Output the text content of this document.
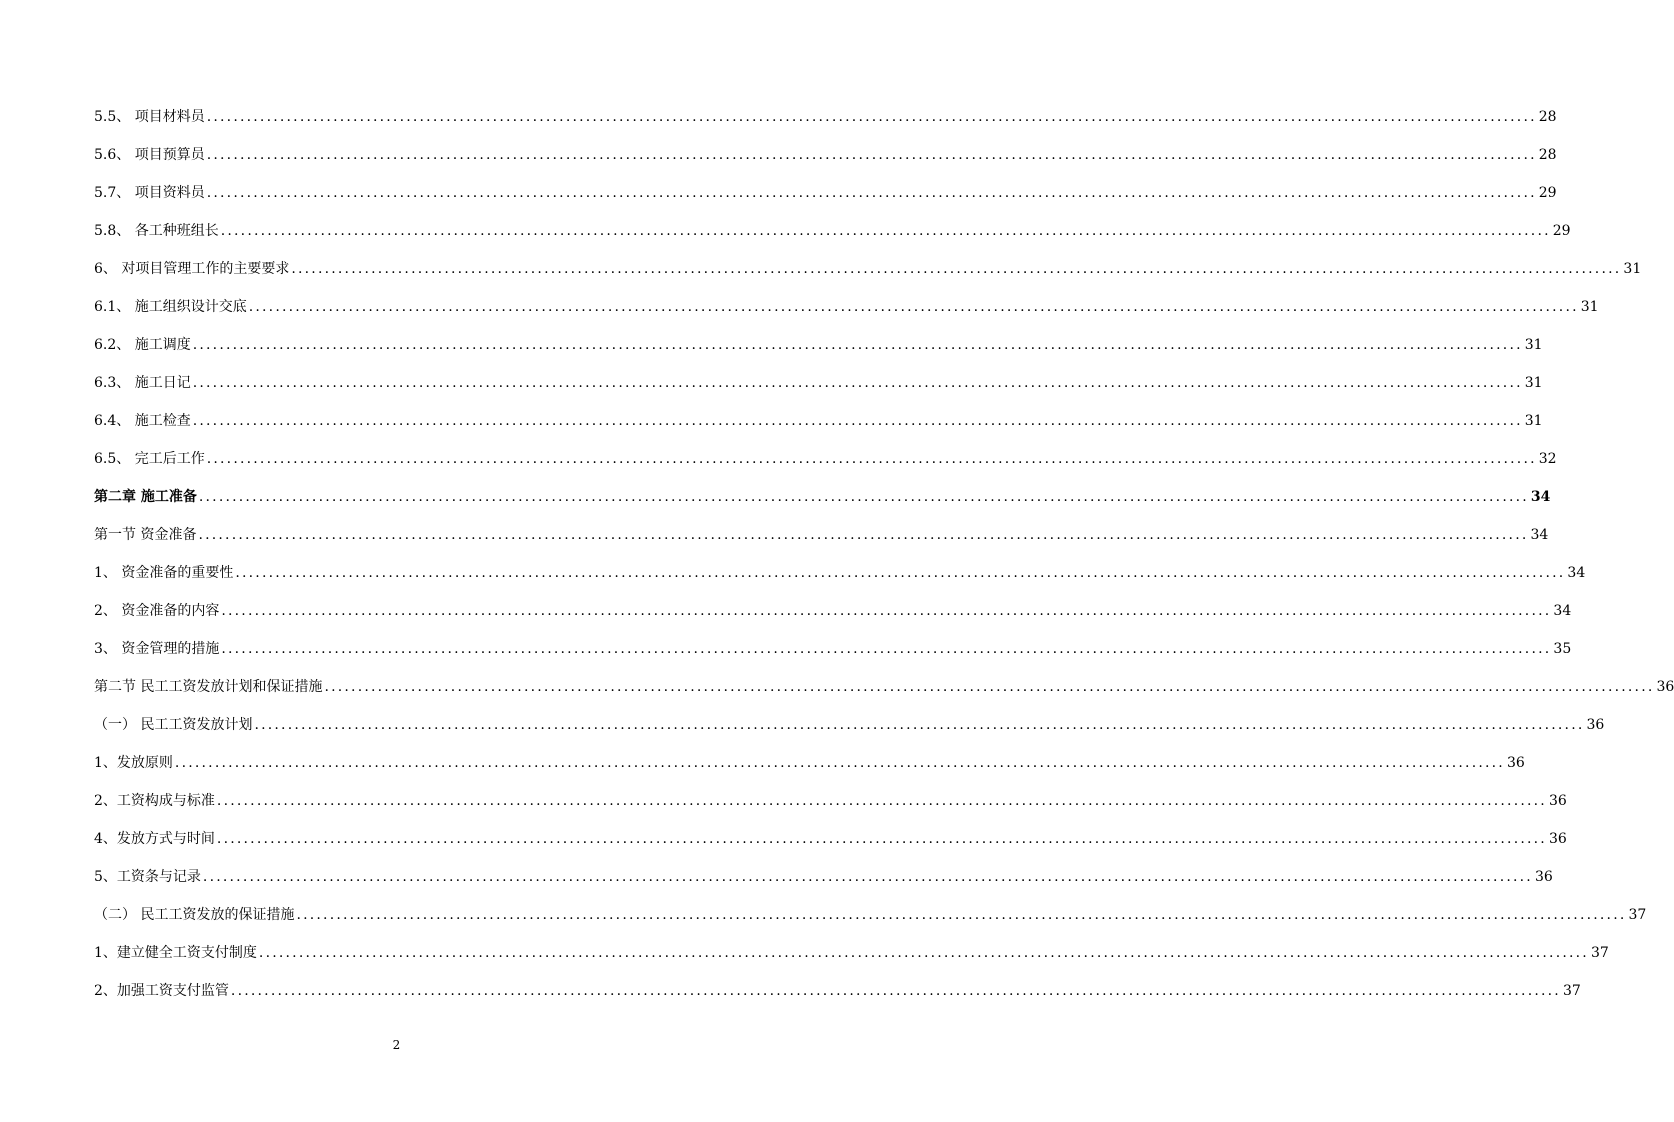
5.5、 项目材料员 ........................................................................................................................................................................................................ 28
5.6、 项目预算员 ........................................................................................................................................................................................................ 28
5.7、 项目资料员 ........................................................................................................................................................................................................ 29
5.8、 各工种班组长 ........................................................................................................................................................................................................ 29
6、 对项目管理工作的主要要求 ........................................................................................................................................................................................................ 31
6.1、 施工组织设计交底 ........................................................................................................................................................................................................ 31
6.2、 施工调度 ........................................................................................................................................................................................................ 31
6.3、 施工日记 ........................................................................................................................................................................................................ 31
6.4、 施工检查 ........................................................................................................................................................................................................ 31
6.5、 完工后工作 ........................................................................................................................................................................................................ 32
第二章 施工准备 ........................................................................................................................................................................................................ 34
第一节 资金准备 ........................................................................................................................................................................................................ 34
1、 资金准备的重要性 ........................................................................................................................................................................................................ 34
2、 资金准备的内容 ........................................................................................................................................................................................................ 34
3、 资金管理的措施 ........................................................................................................................................................................................................ 35
第二节 民工工资发放计划和保证措施 ........................................................................................................................................................................................................ 36
（一） 民工工资发放计划 ........................................................................................................................................................................................................ 36
1、发放原则 ........................................................................................................................................................................................................ 36
2、工资构成与标准 ........................................................................................................................................................................................................ 36
4、发放方式与时间 ........................................................................................................................................................................................................ 36
5、工资条与记录 ........................................................................................................................................................................................................ 36
（二） 民工工资发放的保证措施 ........................................................................................................................................................................................................ 37
1、建立健全工资支付制度 ........................................................................................................................................................................................................ 37
2、加强工资支付监管 ........................................................................................................................................................................................................ 37
2
